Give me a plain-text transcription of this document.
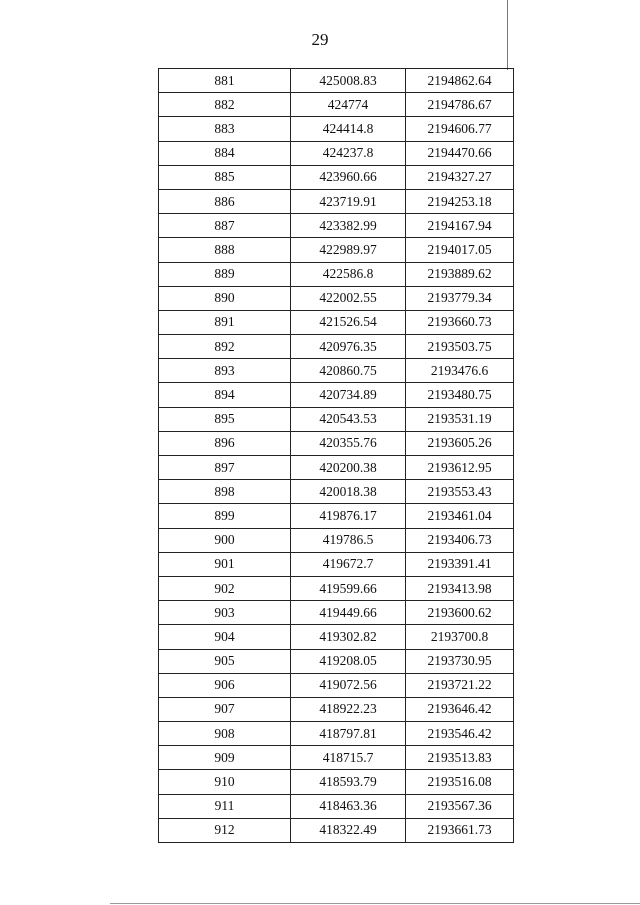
29
881	425008.83	2194862.64
882	424774	2194786.67
883	424414.8	2194606.77
884	424237.8	2194470.66
885	423960.66	2194327.27
886	423719.91	2194253.18
887	423382.99	2194167.94
888	422989.97	2194017.05
889	422586.8	2193889.62
890	422002.55	2193779.34
891	421526.54	2193660.73
892	420976.35	2193503.75
893	420860.75	2193476.6
894	420734.89	2193480.75
895	420543.53	2193531.19
896	420355.76	2193605.26
897	420200.38	2193612.95
898	420018.38	2193553.43
899	419876.17	2193461.04
900	419786.5	2193406.73
901	419672.7	2193391.41
902	419599.66	2193413.98
903	419449.66	2193600.62
904	419302.82	2193700.8
905	419208.05	2193730.95
906	419072.56	2193721.22
907	418922.23	2193646.42
908	418797.81	2193546.42
909	418715.7	2193513.83
910	418593.79	2193516.08
911	418463.36	2193567.36
912	418322.49	2193661.73
